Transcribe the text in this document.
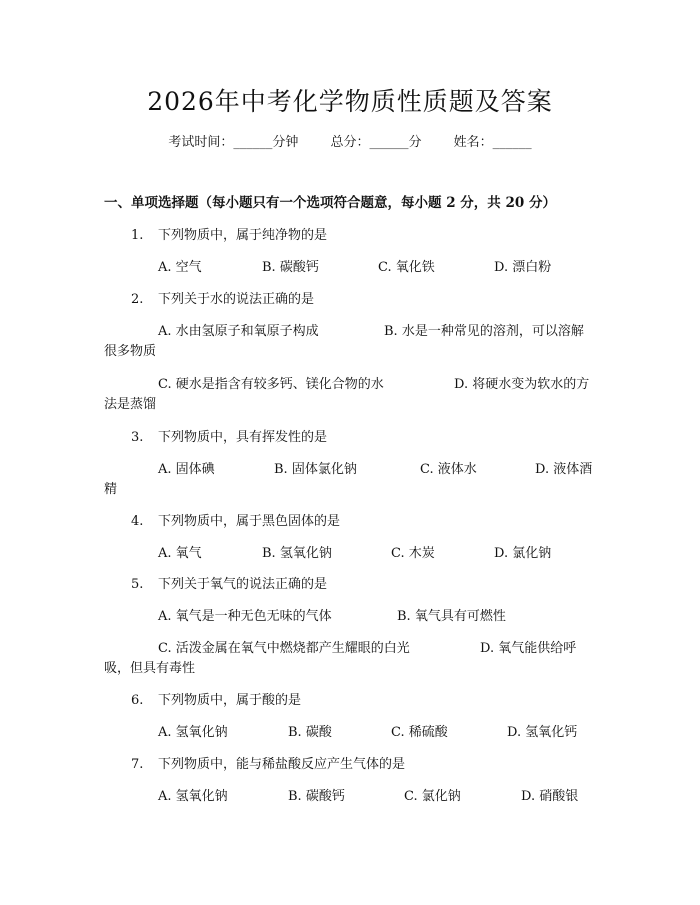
2026年中考化学物质性质题及答案
考试时间：______分钟 总分：______分 姓名：______
一、单项选择题（每小题只有一个选项符合题意，每小题 2 分，共 20 分）
1. 下列物质中，属于纯净物的是
A. 空气	B. 碳酸钙	C. 氧化铁	D. 漂白粉
2. 下列关于水的说法正确的是
A. 水由氢原子和氧原子构成	B. 水是一种常见的溶剂，可以溶解
很多物质
C. 硬水是指含有较多钙、镁化合物的水	D. 将硬水变为软水的方
法是蒸馏
3. 下列物质中，具有挥发性的是
A. 固体碘	B. 固体氯化钠	C. 液体水	D. 液体酒
精
4. 下列物质中，属于黑色固体的是
A. 氧气	B. 氢氧化钠	C. 木炭	D. 氯化钠
5. 下列关于氧气的说法正确的是
A. 氧气是一种无色无味的气体	B. 氧气具有可燃性
C. 活泼金属在氧气中燃烧都产生耀眼的白光	D. 氧气能供给呼
吸，但具有毒性
6. 下列物质中，属于酸的是
A. 氢氧化钠	B. 碳酸	C. 稀硫酸	D. 氢氧化钙
7. 下列物质中，能与稀盐酸反应产生气体的是
A. 氢氧化钠	B. 碳酸钙	C. 氯化钠	D. 硝酸银
